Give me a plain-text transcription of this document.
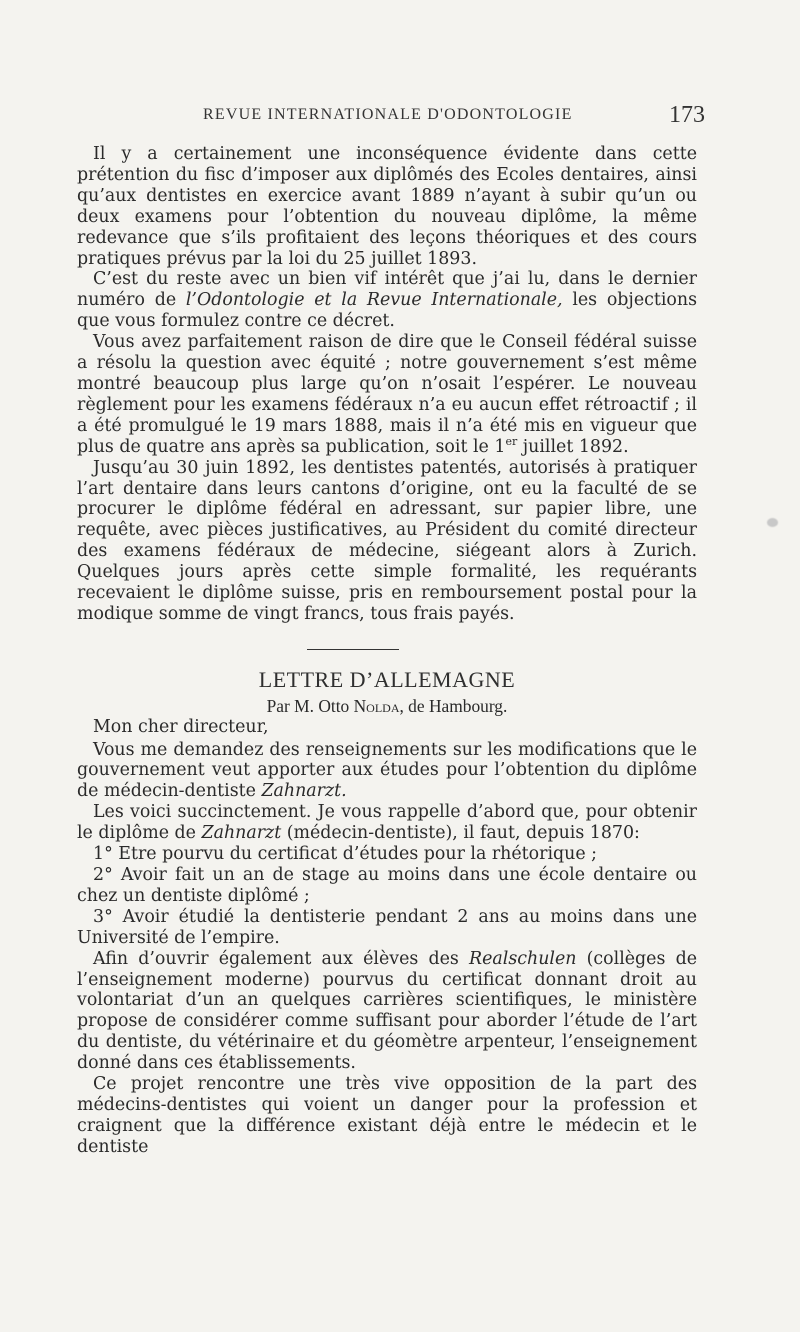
REVUE INTERNATIONALE D'ODONTOLOGIE	173

Il y a certainement une inconséquence évidente dans cette prétention du fisc d’imposer aux diplômés des Ecoles dentaires, ainsi qu’aux dentistes en exercice avant 1889 n’ayant à subir qu’un ou deux examens pour l’obtention du nouveau diplôme, la même redevance que s’ils profitaient des leçons théoriques et des cours pratiques prévus par la loi du 25 juillet 1893.

C’est du reste avec un bien vif intérêt que j’ai lu, dans le dernier numéro de l’Odontologie et la Revue Internationale, les objections que vous formulez contre ce décret.

Vous avez parfaitement raison de dire que le Conseil fédéral suisse a résolu la question avec équité ; notre gouvernement s’est même montré beaucoup plus large qu’on n’osait l’espérer. Le nouveau règlement pour les examens fédéraux n’a eu aucun effet rétroactif ; il a été promulgué le 19 mars 1888, mais il n’a été mis en vigueur que plus de quatre ans après sa publication, soit le 1er juillet 1892.

Jusqu’au 30 juin 1892, les dentistes patentés, autorisés à pratiquer l’art dentaire dans leurs cantons d’origine, ont eu la faculté de se procurer le diplôme fédéral en adressant, sur papier libre, une requête, avec pièces justificatives, au Président du comité directeur des examens fédéraux de médecine, siégeant alors à Zurich. Quelques jours après cette simple formalité, les requérants recevaient le diplôme suisse, pris en remboursement postal pour la modique somme de vingt francs, tous frais payés.

LETTRE D’ALLEMAGNE
Par M. Otto Nolda, de Hambourg.

Mon cher directeur,

Vous me demandez des renseignements sur les modifications que le gouvernement veut apporter aux études pour l’obtention du diplôme de médecin-dentiste Zahnarzt.

Les voici succinctement. Je vous rappelle d’abord que, pour obtenir le diplôme de Zahnarzt (médecin-dentiste), il faut, depuis 1870:

1° Etre pourvu du certificat d’études pour la rhétorique ;

2° Avoir fait un an de stage au moins dans une école dentaire ou chez un dentiste diplômé ;

3° Avoir étudié la dentisterie pendant 2 ans au moins dans une Université de l’empire.

Afin d’ouvrir également aux élèves des Realschulen (collèges de l’enseignement moderne) pourvus du certificat donnant droit au volontariat d’un an quelques carrières scientifiques, le ministère propose de considérer comme suffisant pour aborder l’étude de l’art du dentiste, du vétérinaire et du géomètre arpenteur, l’enseignement donné dans ces établissements.

Ce projet rencontre une très vive opposition de la part des médecins-dentistes qui voient un danger pour la profession et craignent que la différence existant déjà entre le médecin et le dentiste
